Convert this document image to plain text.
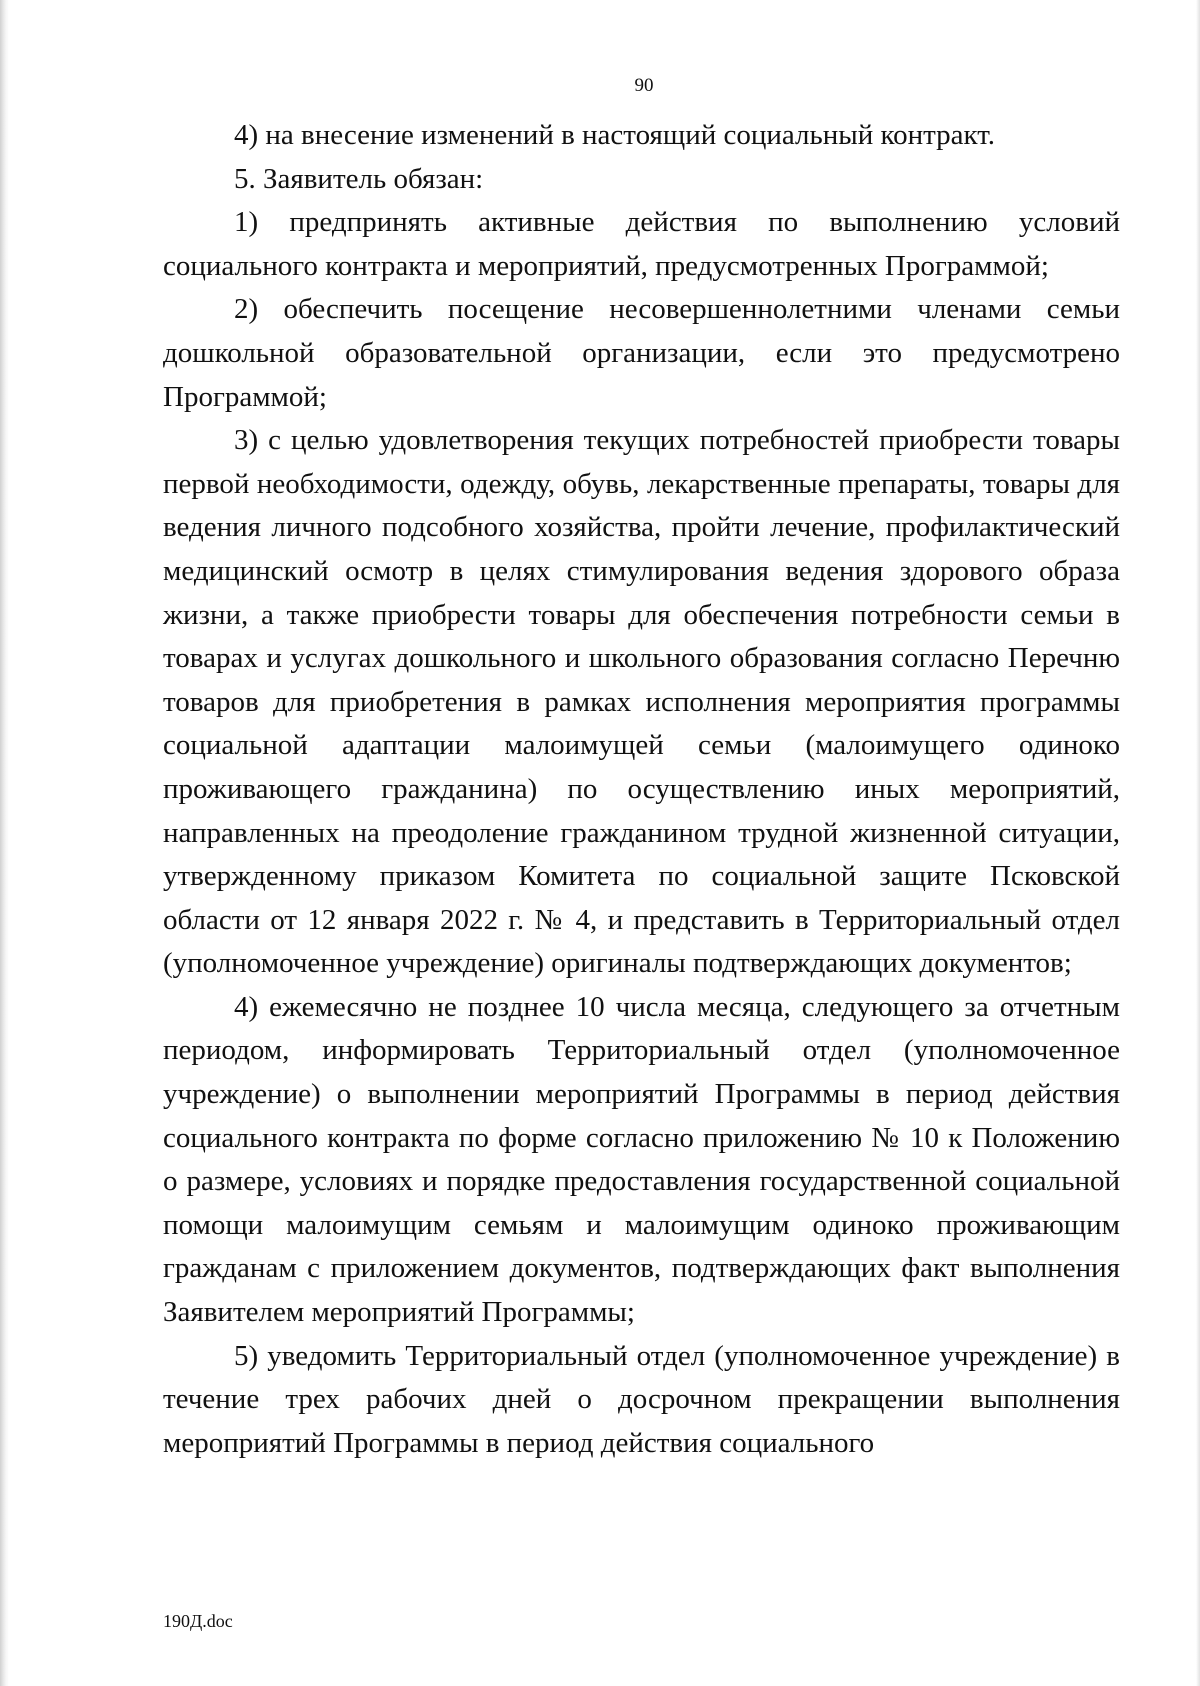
90

4) на внесение изменений в настоящий социальный контракт.

5. Заявитель обязан:

1) предпринять активные действия по выполнению условий социального контракта и мероприятий, предусмотренных Программой;

2) обеспечить посещение несовершеннолетними членами семьи дошкольной образовательной организации, если это предусмотрено Программой;

3) с целью удовлетворения текущих потребностей приобрести товары первой необходимости, одежду, обувь, лекарственные препараты, товары для ведения личного подсобного хозяйства, пройти лечение, профилактический медицинский осмотр в целях стимулирования ведения здорового образа жизни, а также приобрести товары для обеспечения потребности семьи в товарах и услугах дошкольного и школьного образования согласно Перечню товаров для приобретения в рамках исполнения мероприятия программы социальной адаптации малоимущей семьи (малоимущего одиноко проживающего гражданина) по осуществлению иных мероприятий, направленных на преодоление гражданином трудной жизненной ситуации, утвержденному приказом Комитета по социальной защите Псковской области от 12 января 2022 г. № 4, и представить в Территориальный отдел (уполномоченное учреждение) оригиналы подтверждающих документов;

4) ежемесячно не позднее 10 числа месяца, следующего за отчетным периодом, информировать Территориальный отдел (уполномоченное учреждение) о выполнении мероприятий Программы в период действия социального контракта по форме согласно приложению № 10 к Положению о размере, условиях и порядке предоставления государственной социальной помощи малоимущим семьям и малоимущим одиноко проживающим гражданам с приложением документов, подтверждающих факт выполнения Заявителем мероприятий Программы;

5) уведомить Территориальный отдел (уполномоченное учреждение) в течение трех рабочих дней о досрочном прекращении выполнения мероприятий Программы в период действия социального

190Д.doc
